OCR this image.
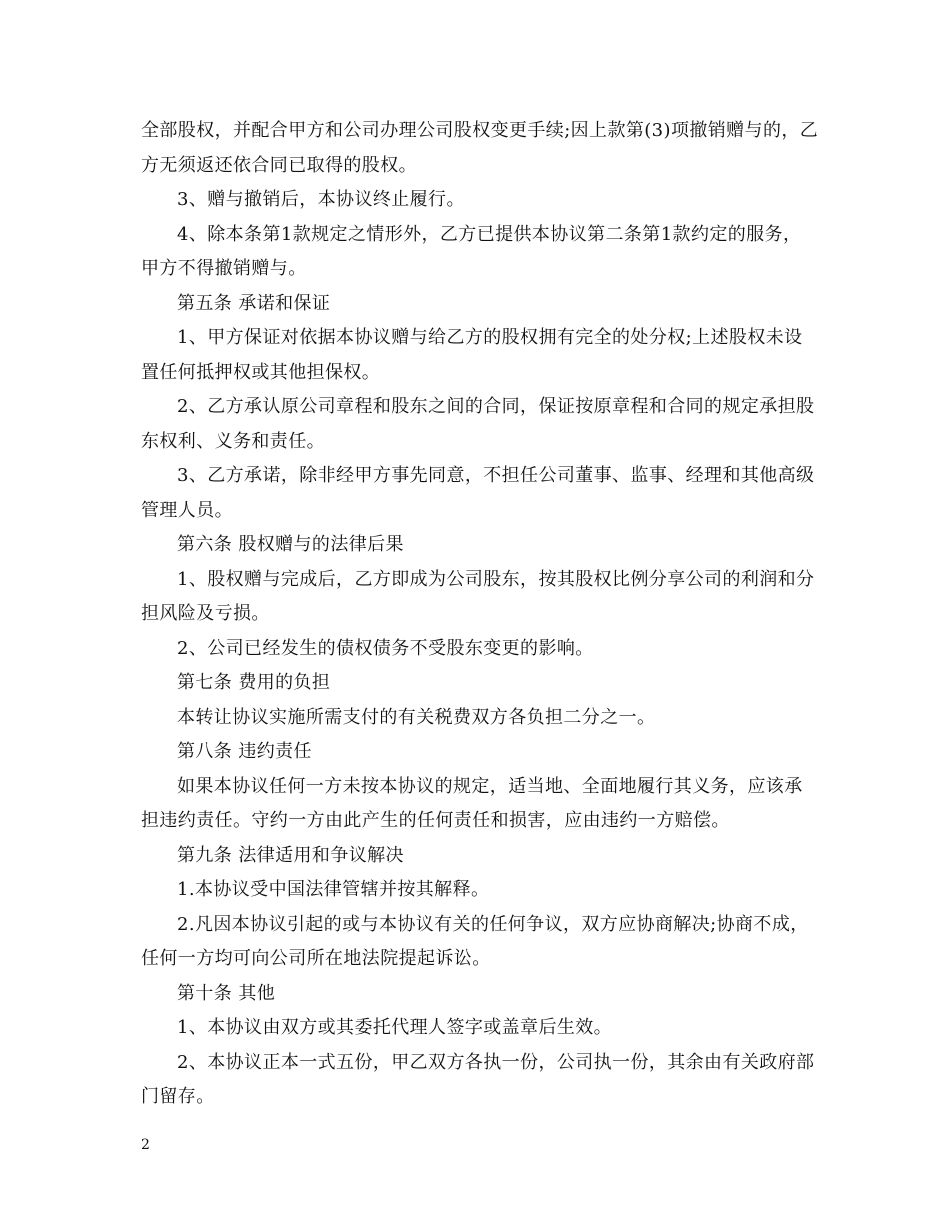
全部股权，并配合甲方和公司办理公司股权变更手续;因上款第(3)项撤销赠与的，乙方无须返还依合同已取得的股权。

3、赠与撤销后，本协议终止履行。

4、除本条第1款规定之情形外，乙方已提供本协议第二条第1款约定的服务，甲方不得撤销赠与。

第五条 承诺和保证

1、甲方保证对依据本协议赠与给乙方的股权拥有完全的处分权;上述股权未设置任何抵押权或其他担保权。

2、乙方承认原公司章程和股东之间的合同，保证按原章程和合同的规定承担股东权利、义务和责任。

3、乙方承诺，除非经甲方事先同意，不担任公司董事、监事、经理和其他高级管理人员。

第六条 股权赠与的法律后果

1、股权赠与完成后，乙方即成为公司股东，按其股权比例分享公司的利润和分担风险及亏损。

2、公司已经发生的债权债务不受股东变更的影响。

第七条 费用的负担

本转让协议实施所需支付的有关税费双方各负担二分之一。

第八条 违约责任

如果本协议任何一方未按本协议的规定，适当地、全面地履行其义务，应该承担违约责任。守约一方由此产生的任何责任和损害，应由违约一方赔偿。

第九条 法律适用和争议解决

1.本协议受中国法律管辖并按其解释。

2.凡因本协议引起的或与本协议有关的任何争议，双方应协商解决;协商不成，任何一方均可向公司所在地法院提起诉讼。

第十条 其他

1、本协议由双方或其委托代理人签字或盖章后生效。

2、本协议正本一式五份，甲乙双方各执一份，公司执一份，其余由有关政府部门留存。

2
